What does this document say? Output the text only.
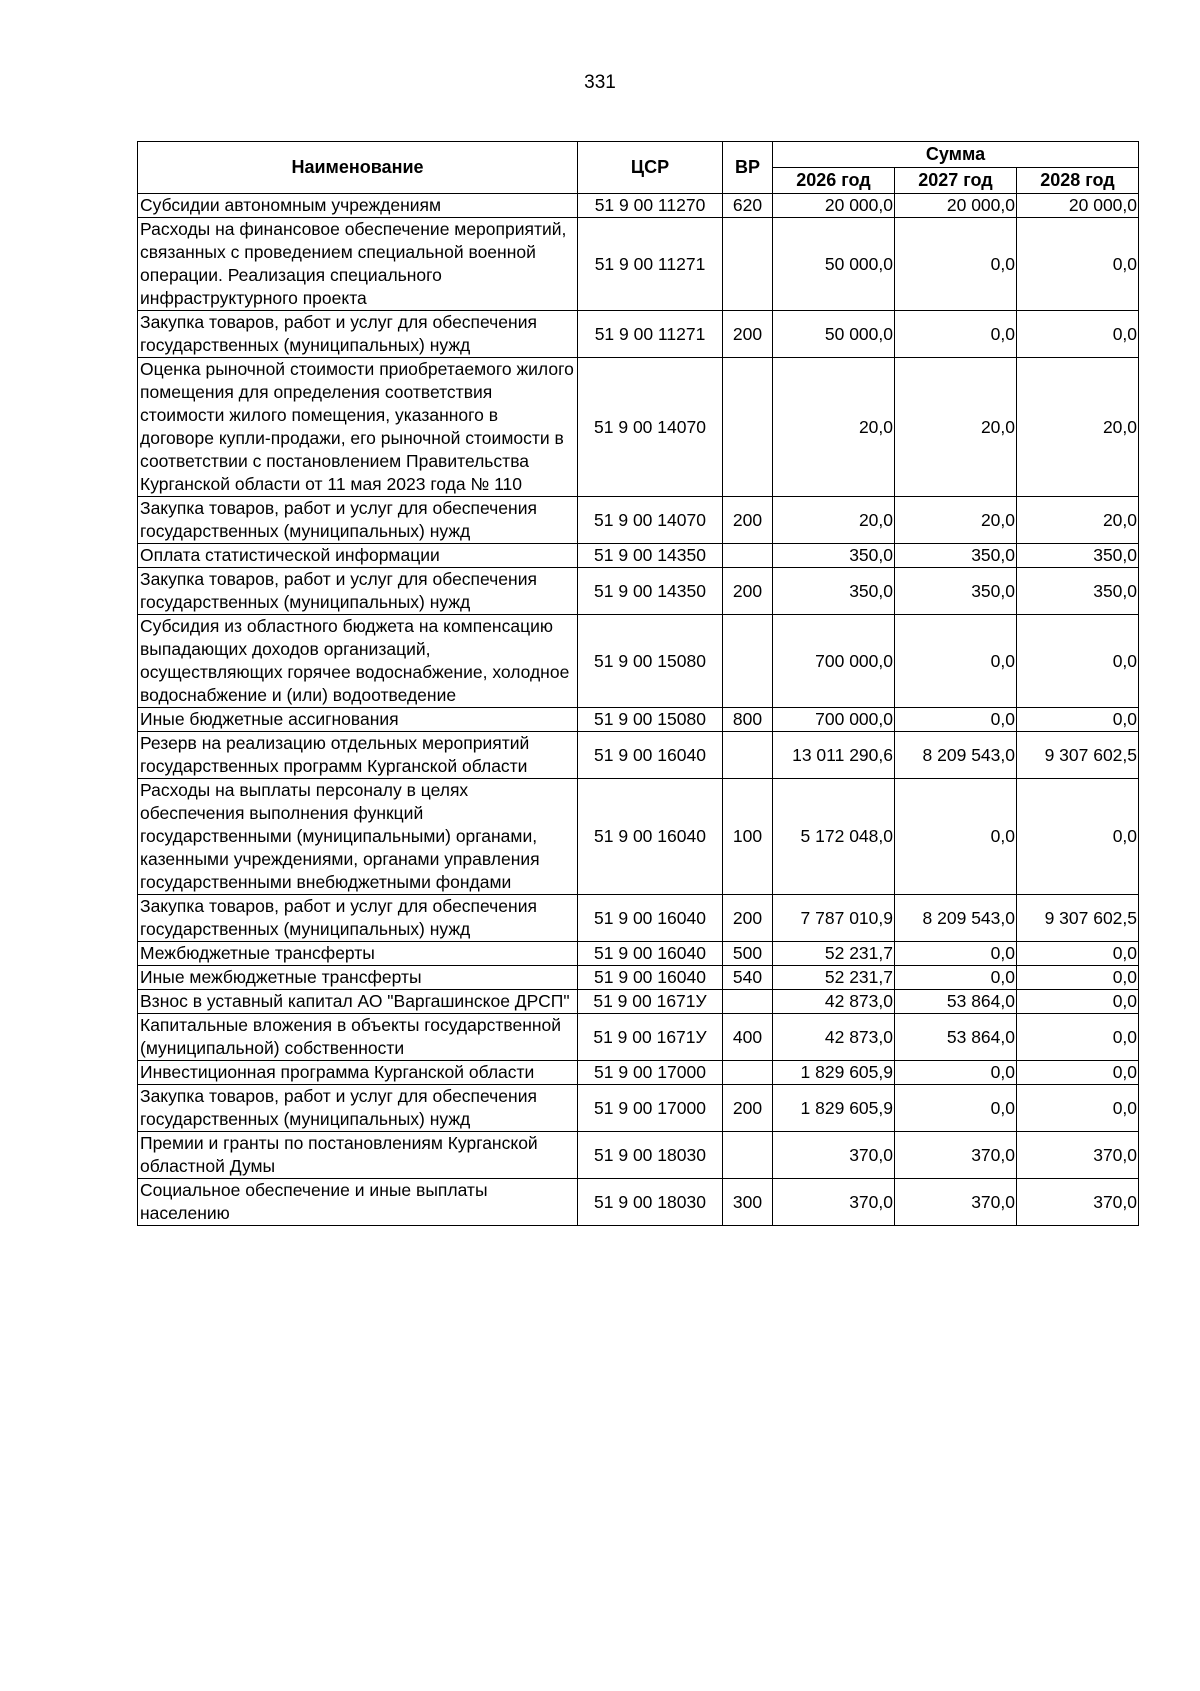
331
Наименование	ЦСР	ВР	Сумма		
			2026 год	2027 год	2028 год
Субсидии автономным учреждениям	51 9 00 11270	620	20 000,0	20 000,0	20 000,0
Расходы на финансовое обеспечение мероприятий, связанных с проведением специальной военной операции. Реализация специального инфраструктурного проекта	51 9 00 11271		50 000,0	0,0	0,0
Закупка товаров, работ и услуг для обеспечения государственных (муниципальных) нужд	51 9 00 11271	200	50 000,0	0,0	0,0
Оценка рыночной стоимости приобретаемого жилого помещения для определения соответствия стоимости жилого помещения, указанного в договоре купли-продажи, его рыночной стоимости в соответствии с постановлением Правительства Курганской области от 11 мая 2023 года № 110	51 9 00 14070		20,0	20,0	20,0
Закупка товаров, работ и услуг для обеспечения государственных (муниципальных) нужд	51 9 00 14070	200	20,0	20,0	20,0
Оплата статистической информации	51 9 00 14350		350,0	350,0	350,0
Закупка товаров, работ и услуг для обеспечения государственных (муниципальных) нужд	51 9 00 14350	200	350,0	350,0	350,0
Субсидия из областного бюджета на компенсацию выпадающих доходов организаций, осуществляющих горячее водоснабжение, холодное водоснабжение и (или) водоотведение	51 9 00 15080		700 000,0	0,0	0,0
Иные бюджетные ассигнования	51 9 00 15080	800	700 000,0	0,0	0,0
Резерв на реализацию отдельных мероприятий государственных программ Курганской области	51 9 00 16040		13 011 290,6	8 209 543,0	9 307 602,5
Расходы на выплаты персоналу в целях обеспечения выполнения функций государственными (муниципальными) органами, казенными учреждениями, органами управления государственными внебюджетными фондами	51 9 00 16040	100	5 172 048,0	0,0	0,0
Закупка товаров, работ и услуг для обеспечения государственных (муниципальных) нужд	51 9 00 16040	200	7 787 010,9	8 209 543,0	9 307 602,5
Межбюджетные трансферты	51 9 00 16040	500	52 231,7	0,0	0,0
Иные межбюджетные трансферты	51 9 00 16040	540	52 231,7	0,0	0,0
Взнос в уставный капитал АО "Варгашинское ДРСП"	51 9 00 1671У		42 873,0	53 864,0	0,0
Капитальные вложения в объекты государственной (муниципальной) собственности	51 9 00 1671У	400	42 873,0	53 864,0	0,0
Инвестиционная программа Курганской области	51 9 00 17000		1 829 605,9	0,0	0,0
Закупка товаров, работ и услуг для обеспечения государственных (муниципальных) нужд	51 9 00 17000	200	1 829 605,9	0,0	0,0
Премии и гранты по постановлениям Курганской областной Думы	51 9 00 18030		370,0	370,0	370,0
Социальное обеспечение и иные выплаты населению	51 9 00 18030	300	370,0	370,0	370,0
